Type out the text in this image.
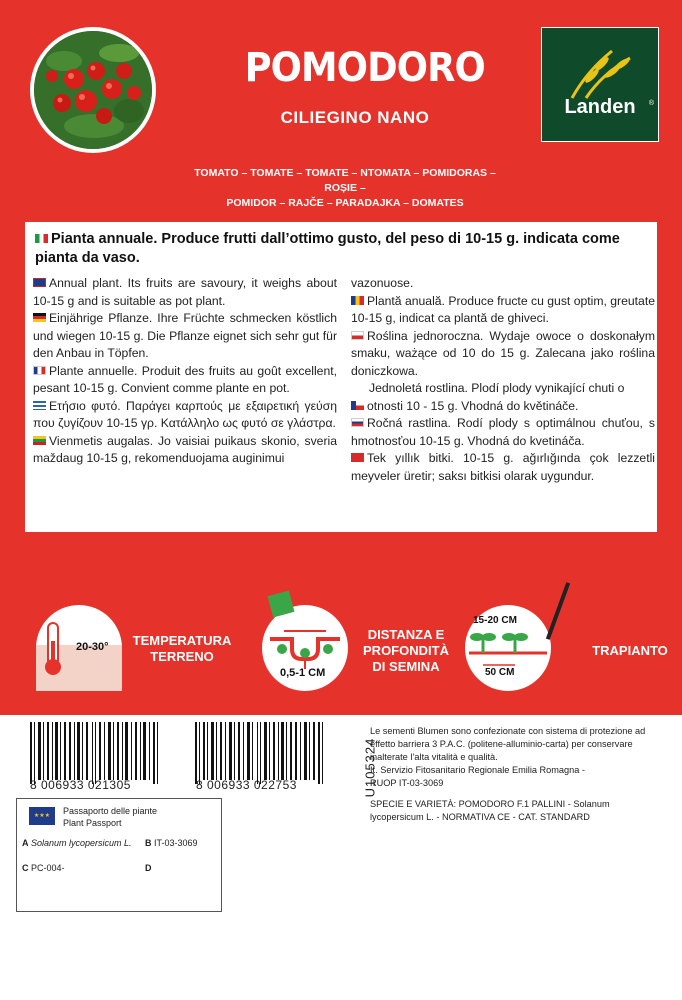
POMODORO
CILIEGINO NANO	Landen	®
TOMATO – TOMATE – TOMATE – NTOMATA – POMIDORAS – ROȘIE –
POMIDOR – RAJČE – PARADAJKA – DOMATES
Pianta annuale. Produce frutti dall’ottimo gusto, del peso di 10-15 g. indicata come pianta da vaso.
Annual plant. Its fruits are savoury, it weighs about 10-15 g and is suitable as pot plant.
Einjährige Pflanze. Ihre Früchte schmecken köstlich und wiegen 10-15 g. Die Pflanze eignet sich sehr gut für den Anbau in Töpfen.
Plante annuelle. Produit des fruits au goût excellent, pesant 10-15 g. Convient comme plante en pot.
Ετήσιο φυτό. Παράγει καρπούς με εξαιρετική γεύση που ζυγίζουν 10-15 γρ. Κατάλληλο ως φυτό σε γλάστρα.
Vienmetis augalas. Jo vaisiai puikaus skonio, sveria maždaug 10-15 g, rekomenduojama auginimui
vazonuose.
Plantă anuală. Produce fructe cu gust optim, greutate 10-15 g, indicat ca plantă de ghiveci.
Roślina jednoroczna. Wydaje owoce o doskonałym smaku, ważące od 10 do 15 g. Zalecana jako roślina doniczkowa.
Jednoletá rostlina. Plodí plody vynikající chuti o
otnosti 10 - 15 g. Vhodná do květináče.
Ročná rastlina. Rodí plody s optimálnou chuťou, s hmotnosťou 10-15 g. Vhodná do kvetináča.
Tek yıllık bitki. 10-15 g. ağırlığında çok lezzetli meyveler üretir; saksı bitkisi olarak uygundur.
20-30° TEMPERATURA TERRENO
0,5-1 CM
DISTANZA E PROFONDITÀ DI SEMINA
15-20 CM
50 CM
TRAPIANTO
8 006933 021305	8 006933 022753	U105324
Le sementi Blumen sono confezionate con sistema di protezione ad effetto barriera 3 P.A.C. (politene-alluminio-carta) per conservare inalterate l’alta vitalità e qualità.
It. Servizio Fitosanitario Regionale Emilia Romagna -
RUOP IT-03-3069
SPECIE E VARIETÀ: POMODORO F.1 PALLINI - Solanum lycopersicum L. - NORMATIVA CE - CAT. STANDARD
★★★	Passaporto delle piante
Plant Passport
A Solanum lycopersicum L. B IT-03-3069
C PC-004-	D
